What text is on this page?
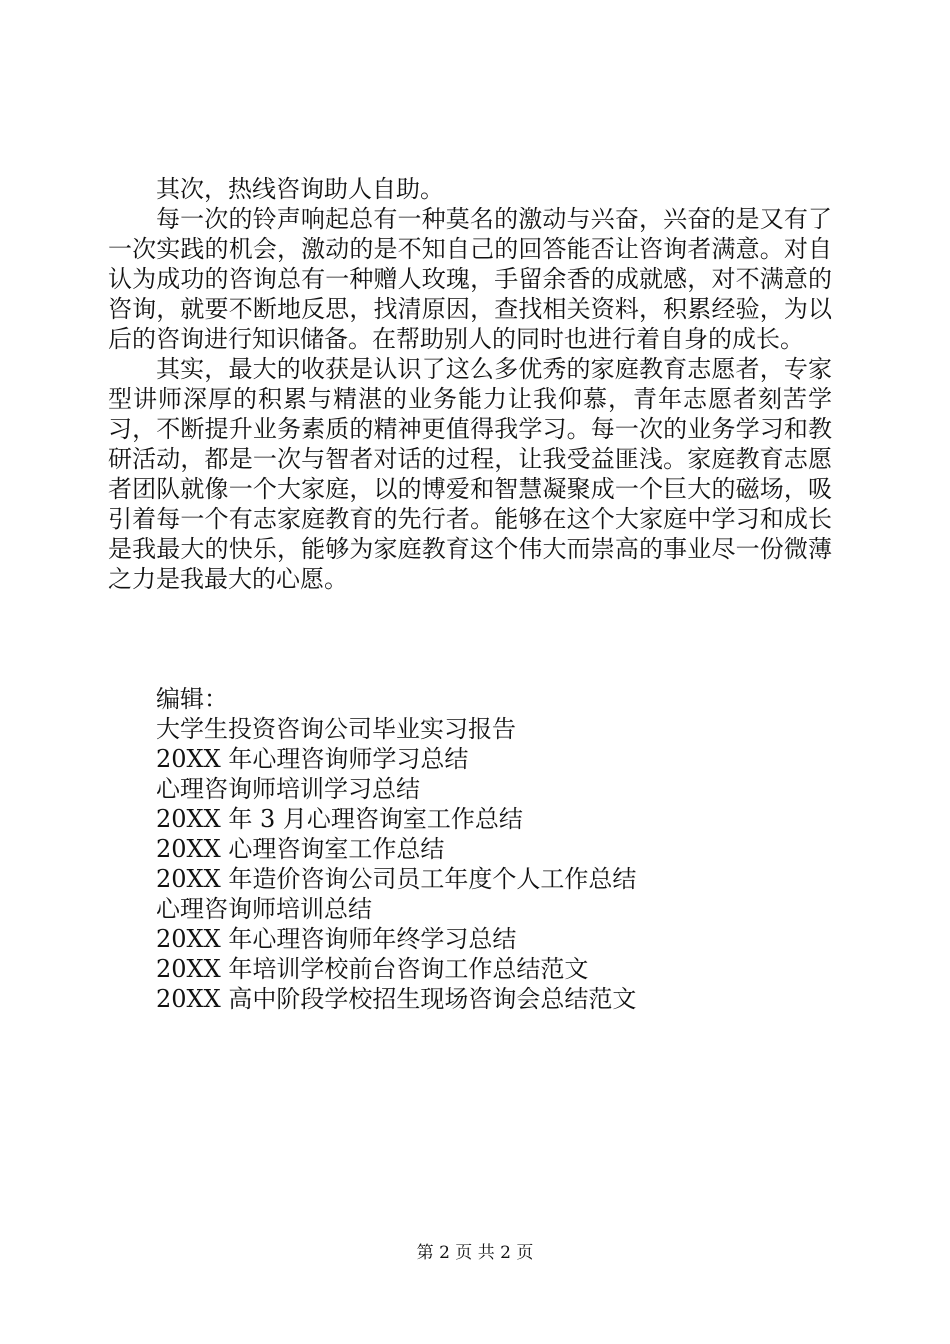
其次，热线咨询助人自助。

每一次的铃声响起总有一种莫名的激动与兴奋，兴奋的是又有了一次实践的机会，激动的是不知自己的回答能否让咨询者满意。对自认为成功的咨询总有一种赠人玫瑰，手留余香的成就感，对不满意的咨询，就要不断地反思，找清原因，查找相关资料，积累经验，为以后的咨询进行知识储备。在帮助别人的同时也进行着自身的成长。

其实，最大的收获是认识了这么多优秀的家庭教育志愿者，专家型讲师深厚的积累与精湛的业务能力让我仰慕，青年志愿者刻苦学习，不断提升业务素质的精神更值得我学习。每一次的业务学习和教研活动，都是一次与智者对话的过程，让我受益匪浅。家庭教育志愿者团队就像一个大家庭，以的博爱和智慧凝聚成一个巨大的磁场，吸引着每一个有志家庭教育的先行者。能够在这个大家庭中学习和成长是我最大的快乐，能够为家庭教育这个伟大而崇高的事业尽一份微薄之力是我最大的心愿。

编辑：
大学生投资咨询公司毕业实习报告
20XX 年心理咨询师学习总结
心理咨询师培训学习总结
20XX 年 3 月心理咨询室工作总结
20XX 心理咨询室工作总结
20XX 年造价咨询公司员工年度个人工作总结
心理咨询师培训总结
20XX 年心理咨询师年终学习总结
20XX 年培训学校前台咨询工作总结范文
20XX 高中阶段学校招生现场咨询会总结范文
第 2 页 共 2 页
